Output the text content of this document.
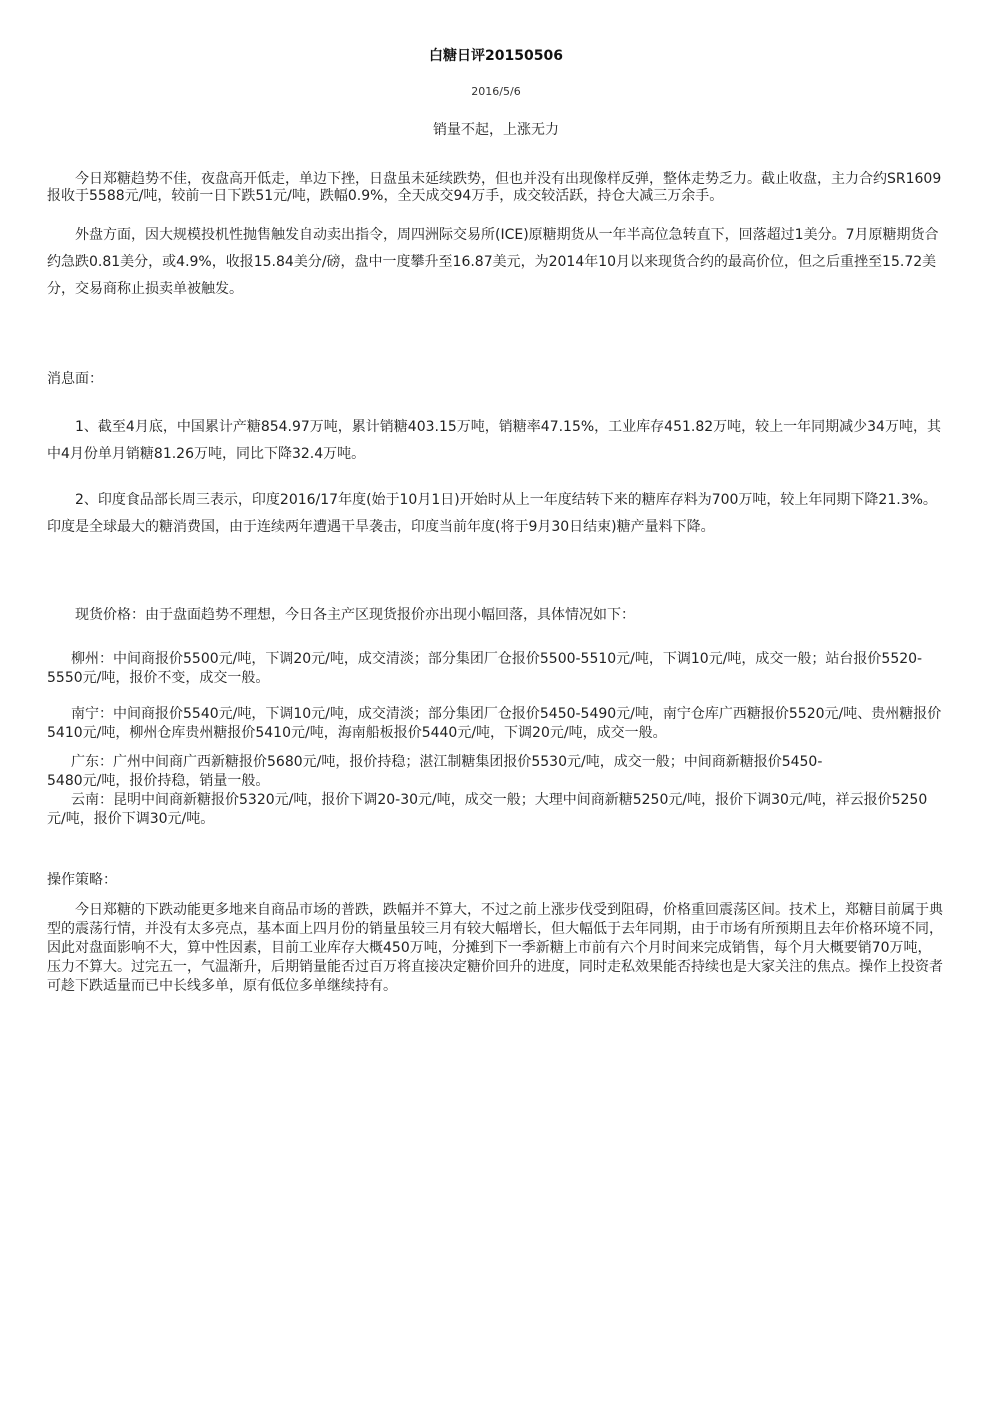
白糖日评20150506
2016/5/6
销量不起，上涨无力
今日郑糖趋势不佳，夜盘高开低走，单边下挫，日盘虽未延续跌势，但也并没有出现像样反弹，整体走势乏力。截止收盘，主力合约SR1609报收于5588元/吨，较前一日下跌51元/吨，跌幅0.9%，全天成交94万手，成交较活跃，持仓大减三万余手。
外盘方面，因大规模投机性抛售触发自动卖出指令，周四洲际交易所(ICE)原糖期货从一年半高位急转直下，回落超过1美分。7月原糖期货合约急跌0.81美分，或4.9%，收报15.84美分/磅，盘中一度攀升至16.87美元，为2014年10月以来现货合约的最高价位，但之后重挫至15.72美分，交易商称止损卖单被触发。
消息面：
1、截至4月底，中国累计产糖854.97万吨，累计销糖403.15万吨，销糖率47.15%，工业库存451.82万吨，较上一年同期减少34万吨，其中4月份单月销糖81.26万吨，同比下降32.4万吨。
2、印度食品部长周三表示，印度2016/17年度(始于10月1日)开始时从上一年度结转下来的糖库存料为700万吨，较上年同期下降21.3%。印度是全球最大的糖消费国，由于连续两年遭遇干旱袭击，印度当前年度(将于9月30日结束)糖产量料下降。
现货价格：由于盘面趋势不理想，今日各主产区现货报价亦出现小幅回落，具体情况如下：
柳州：中间商报价5500元/吨，下调20元/吨，成交清淡；部分集团厂仓报价5500-5510元/吨，下调10元/吨，成交一般；站台报价5520-5550元/吨，报价不变，成交一般。
南宁：中间商报价5540元/吨，下调10元/吨，成交清淡；部分集团厂仓报价5450-5490元/吨，南宁仓库广西糖报价5520元/吨、贵州糖报价5410元/吨，柳州仓库贵州糖报价5410元/吨，海南船板报价5440元/吨，下调20元/吨，成交一般。
广东：广州中间商广西新糖报价5680元/吨，报价持稳；湛江制糖集团报价5530元/吨，成交一般；中间商新糖报价5450-
5480元/吨，报价持稳，销量一般。
云南：昆明中间商新糖报价5320元/吨，报价下调20-30元/吨，成交一般；大理中间商新糖5250元/吨，报价下调30元/吨，祥云报价5250元/吨，报价下调30元/吨。
操作策略：
今日郑糖的下跌动能更多地来自商品市场的普跌，跌幅并不算大，不过之前上涨步伐受到阻碍，价格重回震荡区间。技术上，郑糖目前属于典型的震荡行情，并没有太多亮点，基本面上四月份的销量虽较三月有较大幅增长，但大幅低于去年同期，由于市场有所预期且去年价格环境不同，因此对盘面影响不大，算中性因素，目前工业库存大概450万吨，分摊到下一季新糖上市前有六个月时间来完成销售，每个月大概要销70万吨，压力不算大。过完五一，气温渐升，后期销量能否过百万将直接决定糖价回升的进度，同时走私效果能否持续也是大家关注的焦点。操作上投资者可趁下跌适量而已中长线多单，原有低位多单继续持有。
